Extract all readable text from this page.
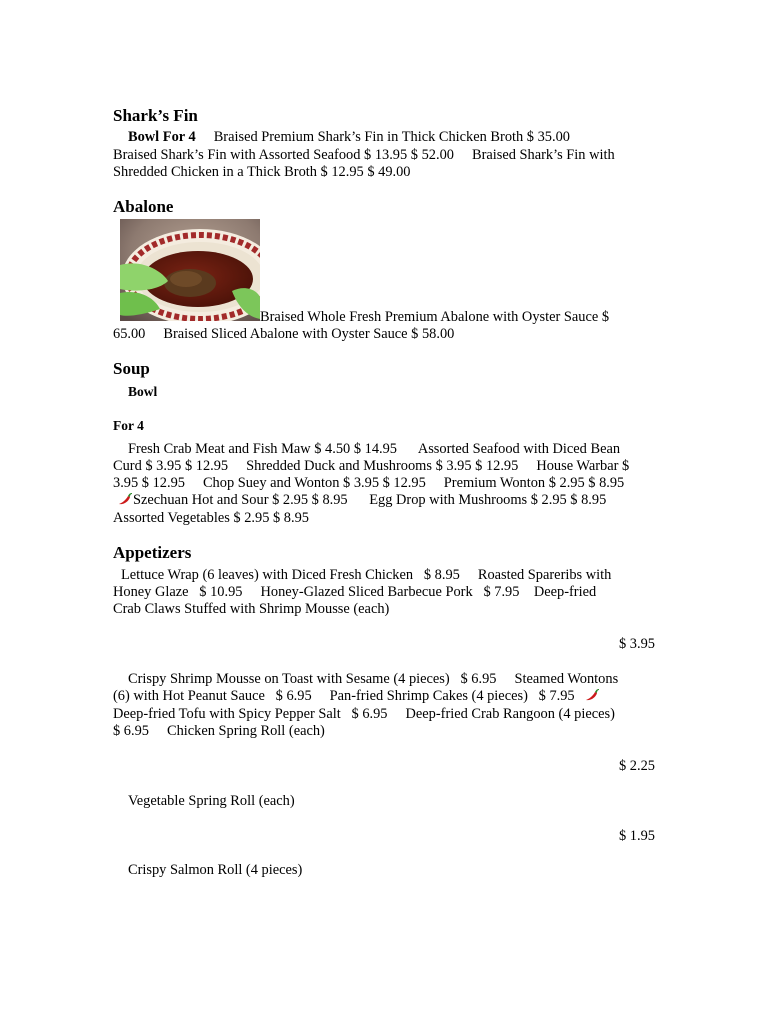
Shark’s Fin

Bowl For 4 Braised Premium Shark’s Fin in Thick Chicken Broth $ 35.00

Braised Shark’s Fin with Assorted Seafood $ 13.95 $ 52.00 Braised Shark’s Fin with

Shredded Chicken in a Thick Broth $ 12.95 $ 49.00

Abalone

Braised Whole Fresh Premium Abalone with Oyster Sauce $

65.00 Braised Sliced Abalone with Oyster Sauce $ 58.00

Soup

Bowl

For 4

Fresh Crab Meat and Fish Maw $ 4.50 $ 14.95 Assorted Seafood with Diced Bean

Curd $ 3.95 $ 12.95 Shredded Duck and Mushrooms $ 3.95 $ 12.95 House Warbar $

3.95 $ 12.95 Chop Suey and Wonton $ 3.95 $ 12.95 Premium Wonton $ 2.95 $ 8.95

Szechuan Hot and Sour $ 2.95 $ 8.95 Egg Drop with Mushrooms $ 2.95 $ 8.95

Assorted Vegetables $ 2.95 $ 8.95

Appetizers

Lettuce Wrap (6 leaves) with Diced Fresh Chicken   $ 8.95 Roasted Spareribs with

Honey Glaze   $ 10.95 Honey-Glazed Sliced Barbecue Pork   $ 7.95 Deep-fried

Crab Claws Stuffed with Shrimp Mousse (each)

$ 3.95

Crispy Shrimp Mousse on Toast with Sesame (4 pieces)   $ 6.95 Steamed Wontons

(6) with Hot Peanut Sauce   $ 6.95 Pan-fried Shrimp Cakes (4 pieces)   $ 7.95

Deep-fried Tofu with Spicy Pepper Salt   $ 6.95 Deep-fried Crab Rangoon (4 pieces)

$ 6.95 Chicken Spring Roll (each)

$ 2.25

Vegetable Spring Roll (each)

$ 1.95

Crispy Salmon Roll (4 pieces)
